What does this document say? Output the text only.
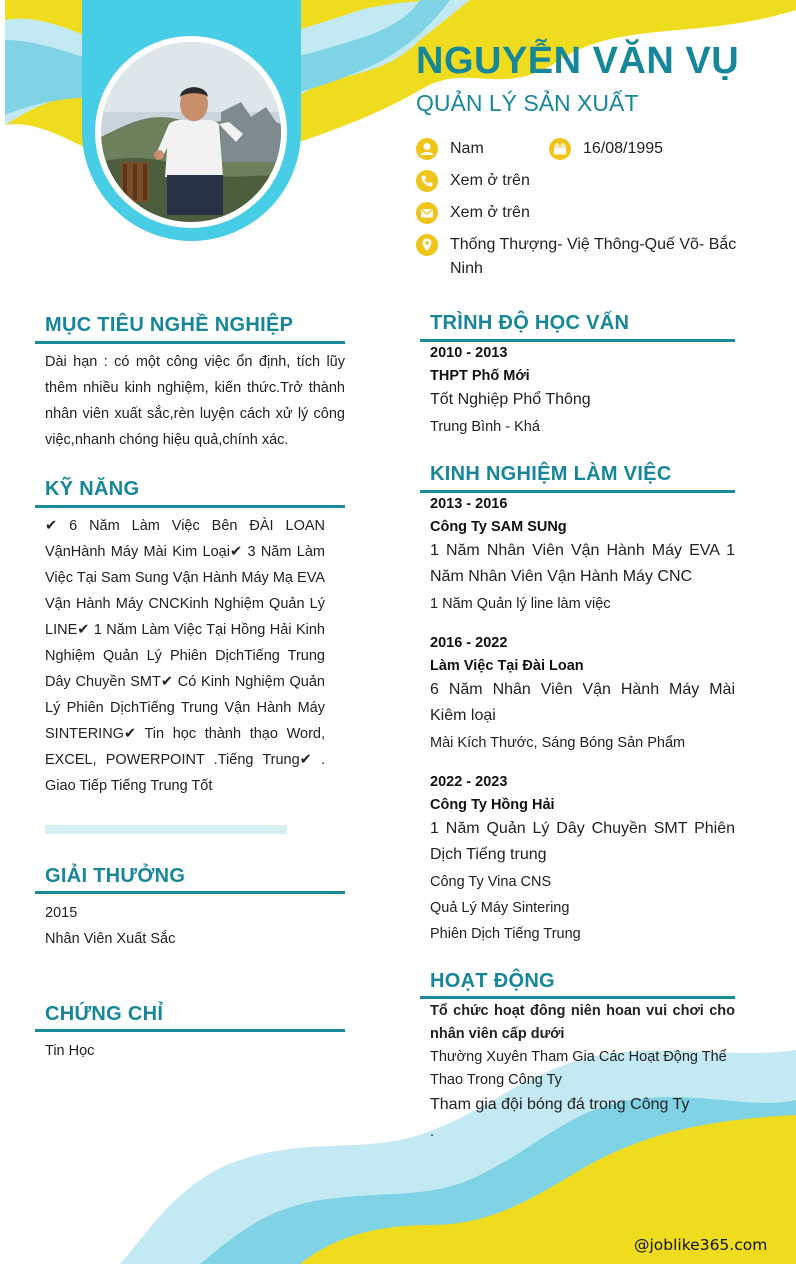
NGUYỄN VĂN VỤ
QUẢN LÝ SẢN XUẤT
Nam	16/08/1995
Xem ở trên
Xem ở trên
Thống Thượng- Việ Thông-Quế Võ- Bắc Ninh
MỤC TIÊU NGHỀ NGHIỆP
Dài hạn : có một công việc ổn định, tích lũy thêm nhiều kinh nghiệm, kiến thức.Trở thành nhân viên xuất sắc,rèn luyện cách xử lý công việc,nhanh chóng hiệu quả,chính xác.
KỸ NĂNG
✔ 6 Năm Làm Việc Bên ĐÀI LOAN VậnHành Máy Mài Kim Loại✔ 3 Năm Làm Việc Tại Sam Sung Vận Hành Máy Mạ EVA Vận Hành Máy CNCKinh Nghiệm Quản Lý LINE✔ 1 Năm Làm Việc Tại Hồng Hải Kinh Nghiệm Quản Lý Phiên DịchTiếng Trung Dây Chuyền SMT✔ Có Kinh Nghiệm Quản Lý Phiên DịchTiếng Trung Vận Hành Máy SINTERING✔ Tin học thành thạo Word, EXCEL, POWERPOINT .Tiếng Trung✔ . Giao Tiếp Tiếng Trung Tốt
GIẢI THƯỞNG
2015
Nhân Viên Xuất Sắc
CHỨNG CHỈ
Tin Học
TRÌNH ĐỘ HỌC VẤN
2010 - 2013
THPT Phố Mới
Tốt Nghiệp Phổ Thông
Trung Bình - Khá
KINH NGHIỆM LÀM VIỆC
2013 - 2016
Công Ty SAM SUNg
1 Năm Nhân Viên Vận Hành Máy EVA 1 Năm Nhân Viên Vận Hành Máy CNC
1 Năm Quản lý line làm việc
2016 - 2022
Làm Việc Tại Đài Loan
6 Năm Nhân Viên Vận Hành Máy Mài Kiêm loại
Mài Kích Thước, Sáng Bóng Sản Phẩm
2022 - 2023
Công Ty Hồng Hải
1 Năm Quản Lý Dây Chuyền SMT Phiên Dịch Tiếng trung
Công Ty Vina CNS
Quả Lý Máy Sintering
Phiên Dịch Tiếng Trung
HOẠT ĐỘNG
Tổ chức hoạt đông niên hoan vui chơi cho nhân viên cấp dưới
Thường Xuyên Tham Gia Các Hoạt Động Thể Thao Trong Công Ty
Tham gia đội bóng đá trong Công Ty
.
@joblike365.com
